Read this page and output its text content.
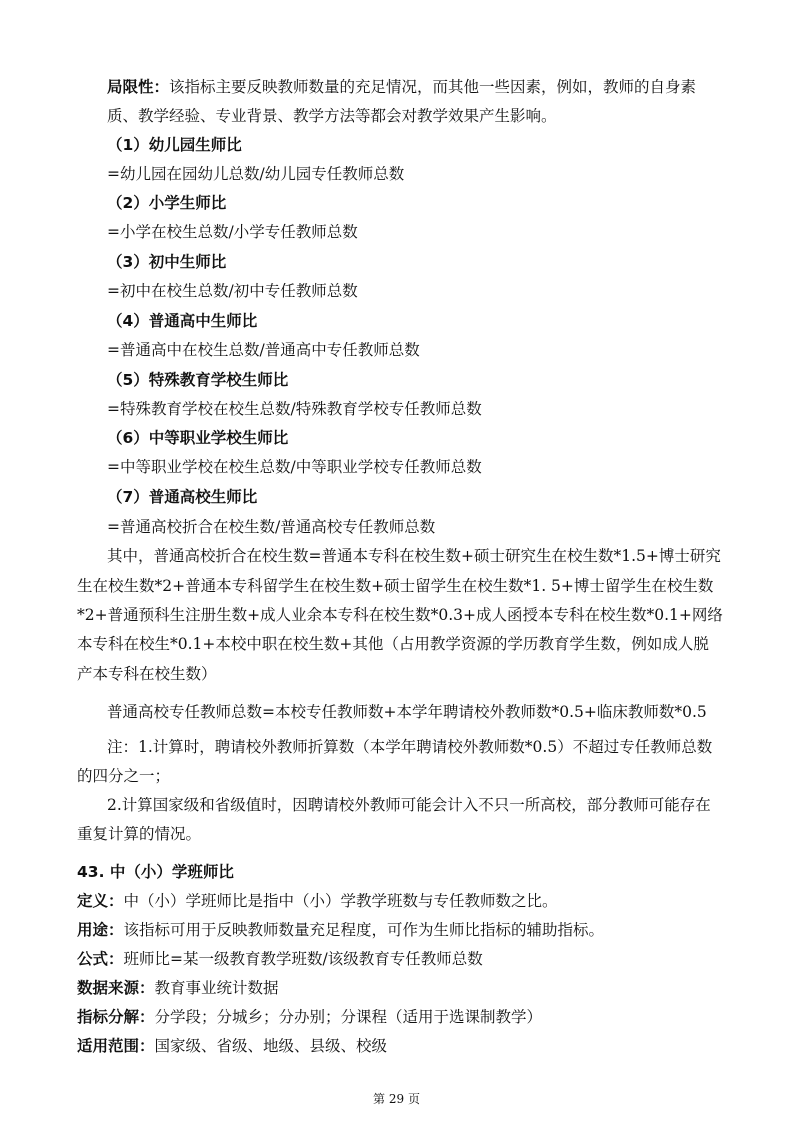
局限性：该指标主要反映教师数量的充足情况，而其他一些因素，例如，教师的自身素
质、教学经验、专业背景、教学方法等都会对教学效果产生影响。
（1）幼儿园生师比
=幼儿园在园幼儿总数/幼儿园专任教师总数
（2）小学生师比
=小学在校生总数/小学专任教师总数
（3）初中生师比
=初中在校生总数/初中专任教师总数
（4）普通高中生师比
=普通高中在校生总数/普通高中专任教师总数
（5）特殊教育学校生师比
=特殊教育学校在校生总数/特殊教育学校专任教师总数
（6）中等职业学校生师比
=中等职业学校在校生总数/中等职业学校专任教师总数
（7）普通高校生师比
=普通高校折合在校生数/普通高校专任教师总数
其中，普通高校折合在校生数=普通本专科在校生数+硕士研究生在校生数*1.5+博士研究
生在校生数*2+普通本专科留学生在校生数+硕士留学生在校生数*1. 5+博士留学生在校生数
*2+普通预科生注册生数+成人业余本专科在校生数*0.3+成人函授本专科在校生数*0.1+网络
本专科在校生*0.1+本校中职在校生数+其他（占用教学资源的学历教育学生数，例如成人脱
产本专科在校生数）
普通高校专任教师总数=本校专任教师数+本学年聘请校外教师数*0.5+临床教师数*0.5
注：1.计算时，聘请校外教师折算数（本学年聘请校外教师数*0.5）不超过专任教师总数
的四分之一；
2.计算国家级和省级值时，因聘请校外教师可能会计入不只一所高校，部分教师可能存在
重复计算的情况。
43. 中（小）学班师比
定义：中（小）学班师比是指中（小）学教学班数与专任教师数之比。
用途：该指标可用于反映教师数量充足程度，可作为生师比指标的辅助指标。
公式：班师比=某一级教育教学班数/该级教育专任教师总数
数据来源：教育事业统计数据
指标分解：分学段；分城乡；分办别；分课程（适用于选课制教学）
适用范围：国家级、省级、地级、县级、校级
第 29 页
